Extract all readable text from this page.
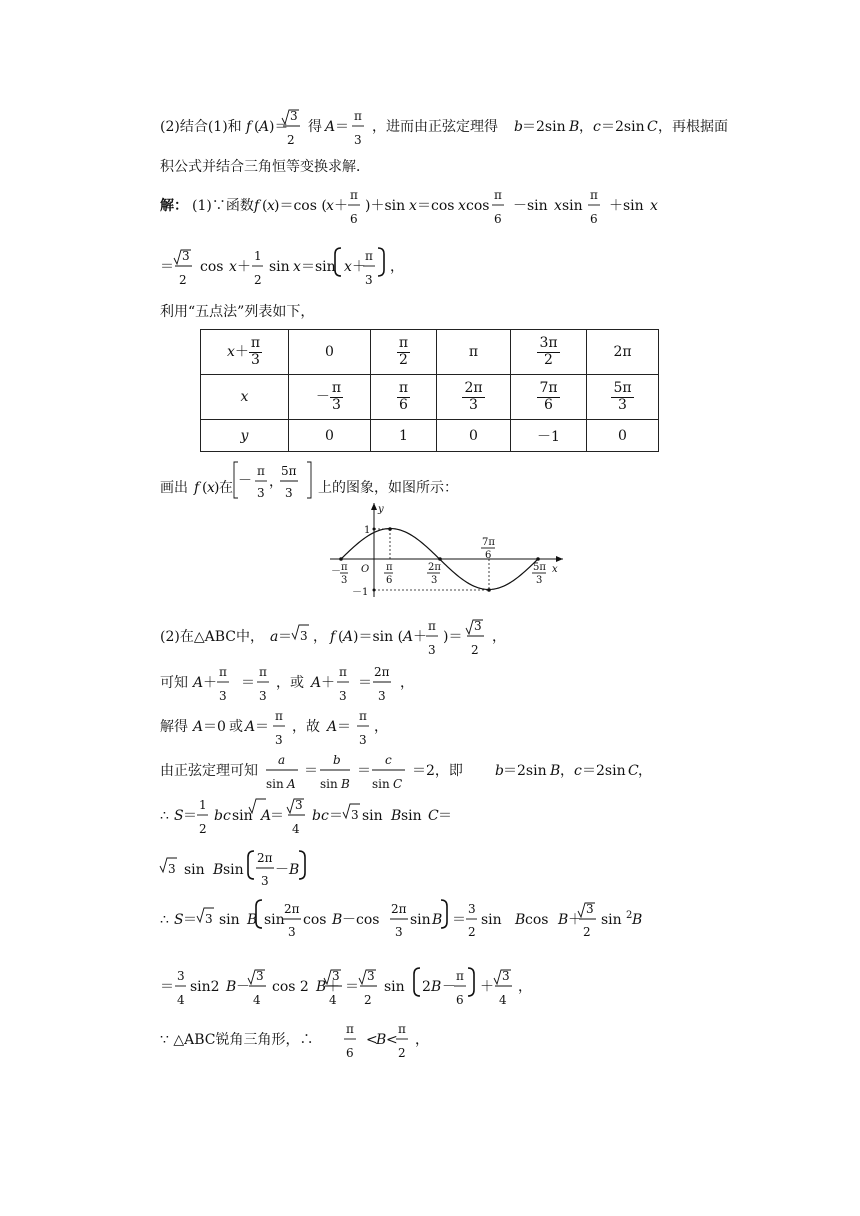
(2)结合(1)和 f ( A )＝
3
2
得 A ＝
π
3
，进而由正弦定理得 b ＝2sin B ， c ＝2sin C ，再根据面
积公式并结合三角恒等变换求解．
解： (1)∵函数 f ( x )＝cos ( x ＋
π
6
)＋sin x ＝cos x cos
π
6
－sin x sin
π
6
＋sin x
＝
3
2
cos x ＋
1
2
sin x ＝sin x ＋
π
3
，
利用“五点法”列表如下，
画出 f ( x ) 在 －
π
3
，
5π
3 上的图象，如图所示：
(2)在△ABC中， a ＝ 3 ， f ( A )＝sin ( A ＋
π
3
)＝
3
2
，
可知 A ＋
π
3
＝
π
3
，或 A ＋
π
3
＝
2π
3
，
解得 A ＝0 或 A ＝
π
3
，故 A ＝
π
3
，
由正弦定理可知
a
sin A
＝
b
sin B
＝
c
sin C
＝2，即 b ＝2sin B ， c ＝2sin C ，
∴ S ＝
1
2
bc sin A
＝
3
4
bc ＝ 3 sin B sin C ＝
3 sin B sin
2π
3
－ B
∴ S ＝ 3 sin B sin
2π
3
cos B －cos
2π
3
sin B ＝
3
2
sin B cos B ＋
3
2
sin 2 B
＝
3
4
sin2 B －
3
4
cos 2 B ＋
3
4
＝
3
2
sin 2 B －
π
6
＋
3
4
，
∵ △ABC锐角三角形，∴
π
6
<
B <
π
2
，
y
x
O
1
－1
－ π
3
π
6
2π
3
7π
6
5π
3
$x+ \frac{\pi}{3}$	0	$\frac{\pi}{2}$	π	$\frac{3\pi}{2}$	2π
x	－ $\frac{\pi}{3}$	$\frac{\pi}{6}$	$\frac{2\pi}{3}$	$\frac{7\pi}{6}$	$\frac{5\pi}{3}$

y	0	1	0	－1	0
